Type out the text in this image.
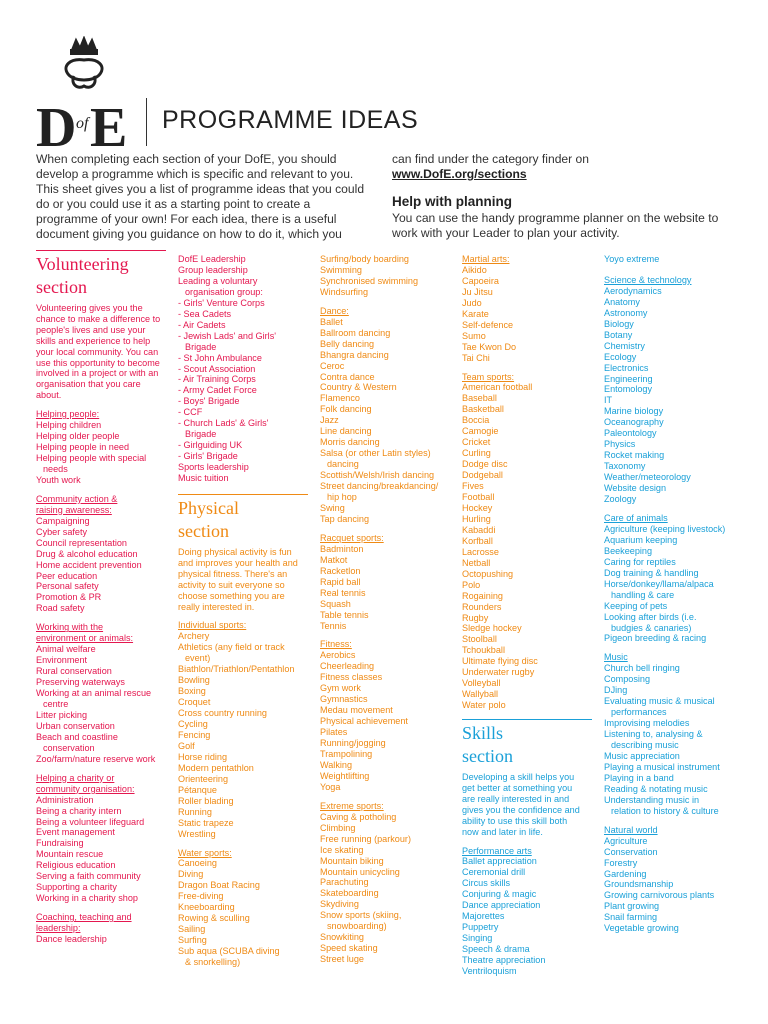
D of E PROGRAMME IDEAS
When completing each section of your DofE, you should develop a programme which is specific and relevant to you. This sheet gives you a list of programme ideas that you could do or you could use it as a starting point to create a programme of your own! For each idea, there is a useful document giving you guidance on how to do it, which you
can find under the category finder on
www.DofE.org/sections
Help with planning
You can use the handy programme planner on the website to work with your Leader to plan your activity.
Volunteering section
Volunteering gives you the chance to make a difference to people's lives and use your skills and experience to help your local community. You can use this opportunity to become involved in a project or with an organisation that you care about.
Helping people:
Helping children
Helping older people
Helping people in need
Helping people with special
needs
Youth work
Community action & raising awareness:
Campaigning
Cyber safety
Council representation
Drug & alcohol education
Home accident prevention
Peer education
Personal safety
Promotion & PR
Road safety
Working with the environment or animals:
Animal welfare
Environment
Rural conservation
Preserving waterways
Working at an animal rescue
centre
Litter picking
Urban conservation
Beach and coastline
conservation
Zoo/farm/nature reserve work
Helping a charity or community organisation:
Administration
Being a charity intern
Being a volunteer lifeguard
Event management
Fundraising
Mountain rescue
Religious education
Serving a faith community
Supporting a charity
Working in a charity shop
Coaching, teaching and leadership:
Dance leadership
DofE Leadership
Group leadership
Leading a voluntary
organisation group:
- Girls' Venture Corps
- Sea Cadets
- Air Cadets
- Jewish Lads' and Girls'
Brigade
- St John Ambulance
- Scout Association
- Air Training Corps
- Army Cadet Force
- Boys' Brigade
- CCF
- Church Lads' & Girls'
Brigade
- Girlguiding UK
- Girls' Brigade
Sports leadership
Music tuition
Physical section
Doing physical activity is fun and improves your health and physical fitness. There's an activity to suit everyone so choose something you are really interested in.
Individual sports:
Archery
Athletics (any field or track
event)
Biathlon/Triathlon/Pentathlon
Bowling
Boxing
Croquet
Cross country running
Cycling
Fencing
Golf
Horse riding
Modern pentathlon
Orienteering
Pétanque
Roller blading
Running
Static trapeze
Wrestling
Water sports:
Canoeing
Diving
Dragon Boat Racing
Free-diving
Kneeboarding
Rowing & sculling
Sailing
Surfing
Sub aqua (SCUBA diving
& snorkelling)
Surfing/body boarding
Swimming
Synchronised swimming
Windsurfing
Dance:
Ballet
Ballroom dancing
Belly dancing
Bhangra dancing
Ceroc
Contra dance
Country & Western
Flamenco
Folk dancing
Jazz
Line dancing
Morris dancing
Salsa (or other Latin styles)
dancing
Scottish/Welsh/Irish dancing
Street dancing/breakdancing/
hip hop
Swing
Tap dancing
Racquet sports:
Badminton
Matkot
Racketlon
Rapid ball
Real tennis
Squash
Table tennis
Tennis
Fitness:
Aerobics
Cheerleading
Fitness classes
Gym work
Gymnastics
Medau movement
Physical achievement
Pilates
Running/jogging
Trampolining
Walking
Weightlifting
Yoga
Extreme sports:
Caving & potholing
Climbing
Free running (parkour)
Ice skating
Mountain biking
Mountain unicycling
Parachuting
Skateboarding
Skydiving
Snow sports (skiing,
snowboarding)
Snowkiting
Speed skating
Street luge
Martial arts:
Aikido
Capoeira
Ju Jitsu
Judo
Karate
Self-defence
Sumo
Tae Kwon Do
Tai Chi
Team sports:
American football
Baseball
Basketball
Boccia
Camogie
Cricket
Curling
Dodge disc
Dodgeball
Fives
Football
Hockey
Hurling
Kabaddi
Korfball
Lacrosse
Netball
Octopushing
Polo
Rogaining
Rounders
Rugby
Sledge hockey
Stoolball
Tchoukball
Ultimate flying disc
Underwater rugby
Volleyball
Wallyball
Water polo
Skills section
Developing a skill helps you get better at something you are really interested in and gives you the confidence and ability to use this skill both now and later in life.
Performance arts
Ballet appreciation
Ceremonial drill
Circus skills
Conjuring & magic
Dance appreciation
Majorettes
Puppetry
Singing
Speech & drama
Theatre appreciation
Ventriloquism
Yoyo extreme
Science & technology
Aerodynamics
Anatomy
Astronomy
Biology
Botany
Chemistry
Ecology
Electronics
Engineering
Entomology
IT
Marine biology
Oceanography
Paleontology
Physics
Rocket making
Taxonomy
Weather/meteorology
Website design
Zoology
Care of animals
Agriculture (keeping livestock)
Aquarium keeping
Beekeeping
Caring for reptiles
Dog training & handling
Horse/donkey/llama/alpaca
handling & care
Keeping of pets
Looking after birds (i.e.
budgies & canaries)
Pigeon breeding & racing
Music
Church bell ringing
Composing
DJing
Evaluating music & musical
performances
Improvising melodies
Listening to, analysing &
describing music
Music appreciation
Playing a musical instrument
Playing in a band
Reading & notating music
Understanding music in
relation to history & culture
Natural world
Agriculture
Conservation
Forestry
Gardening
Groundsmanship
Growing carnivorous plants
Plant growing
Snail farming
Vegetable growing
